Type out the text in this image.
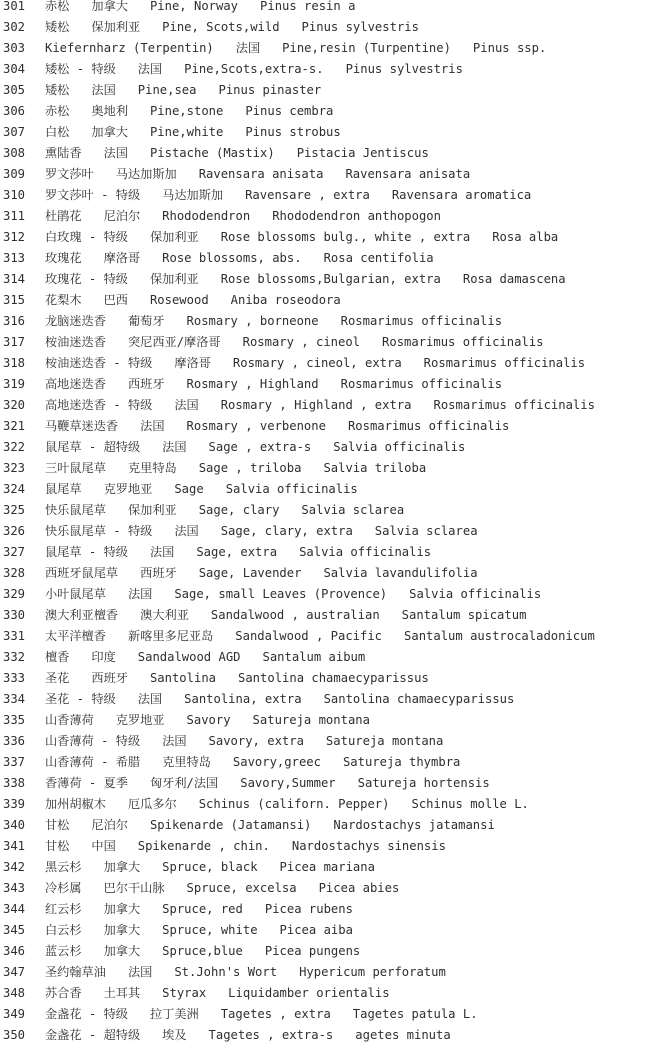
301	赤松   加拿大   Pine, Norway   Pinus resin a
302	矮松   保加利亚   Pine, Scots,wild   Pinus sylvestris
303	Kiefernharz (Terpentin)   法国   Pine,resin (Turpentine)   Pinus ssp.
304	矮松 - 特级   法国   Pine,Scots,extra-s.   Pinus sylvestris
305	矮松   法国   Pine,sea   Pinus pinaster
306	赤松   奥地利   Pine,stone   Pinus cembra
307	白松   加拿大   Pine,white   Pinus strobus
308	熏陆香   法国   Pistache (Mastix)   Pistacia Jentiscus
309	罗文莎叶   马达加斯加   Ravensara anisata   Ravensara anisata
310	罗文莎叶 - 特级   马达加斯加   Ravensare , extra   Ravensara aromatica
311	杜鹃花   尼泊尔   Rhododendron   Rhododendron anthopogon
312	白玫瑰 - 特级   保加利亚   Rose blossoms bulg., white , extra   Rosa alba
313	玫瑰花   摩洛哥   Rose blossoms, abs.   Rosa centifolia
314	玫瑰花 - 特级   保加利亚   Rose blossoms,Bulgarian, extra   Rosa damascena
315	花梨木   巴西   Rosewood   Aniba roseodora
316	龙脑迷迭香   葡萄牙   Rosmary , borneone   Rosmarimus officinalis
317	桉油迷迭香   突尼西亚/摩洛哥   Rosmary , cineol   Rosmarimus officinalis
318	桉油迷迭香 - 特级   摩洛哥   Rosmary , cineol, extra   Rosmarimus officinalis
319	高地迷迭香   西班牙   Rosmary , Highland   Rosmarimus officinalis
320	高地迷迭香 - 特级   法国   Rosmary , Highland , extra   Rosmarimus officinalis
321	马鞭草迷迭香   法国   Rosmary , verbenone   Rosmarimus officinalis
322	鼠尾草 - 超特级   法国   Sage , extra-s   Salvia officinalis
323	三叶鼠尾草   克里特岛   Sage , triloba   Salvia triloba
324	鼠尾草   克罗地亚   Sage   Salvia officinalis
325	快乐鼠尾草   保加利亚   Sage, clary   Salvia sclarea
326	快乐鼠尾草 - 特级   法国   Sage, clary, extra   Salvia sclarea
327	鼠尾草 - 特级   法国   Sage, extra   Salvia officinalis
328	西班牙鼠尾草   西班牙   Sage, Lavender   Salvia lavandulifolia
329	小叶鼠尾草   法国   Sage, small Leaves (Provence)   Salvia officinalis
330	澳大利亚檀香   澳大利亚   Sandalwood , australian   Santalum spicatum
331	太平洋檀香   新喀里多尼亚岛   Sandalwood , Pacific   Santalum austrocaladonicum
332	檀香   印度   Sandalwood AGD   Santalum aibum
333	圣花   西班牙   Santolina   Santolina chamaecyparissus
334	圣花 - 特级   法国   Santolina, extra   Santolina chamaecyparissus
335	山香薄荷   克罗地亚   Savory   Satureja montana
336	山香薄荷 - 特级   法国   Savory, extra   Satureja montana
337	山香薄荷 - 希腊   克里特岛   Savory,greec   Satureja thymbra
338	香薄荷 - 夏季   匈牙利/法国   Savory,Summer   Satureja hortensis
339	加州胡椒木   厄瓜多尔   Schinus (californ. Pepper)   Schinus molle L.
340	甘松   尼泊尔   Spikenarde (Jatamansi)   Nardostachys jatamansi
341	甘松   中国   Spikenarde , chin.   Nardostachys sinensis
342	黑云杉   加拿大   Spruce, black   Picea mariana
343	冷杉属   巴尔干山脉   Spruce, excelsa   Picea abies
344	红云杉   加拿大   Spruce, red   Picea rubens
345	白云杉   加拿大   Spruce, white   Picea aiba
346	蓝云杉   加拿大   Spruce,blue   Picea pungens
347	圣约翰草油   法国   St.John's Wort   Hypericum perforatum
348	苏合香   土耳其   Styrax   Liquidamber orientalis
349	金盏花 - 特级   拉丁美洲   Tagetes , extra   Tagetes patula L.
350	金盏花 - 超特级   埃及   Tagetes , extra-s   agetes minuta
